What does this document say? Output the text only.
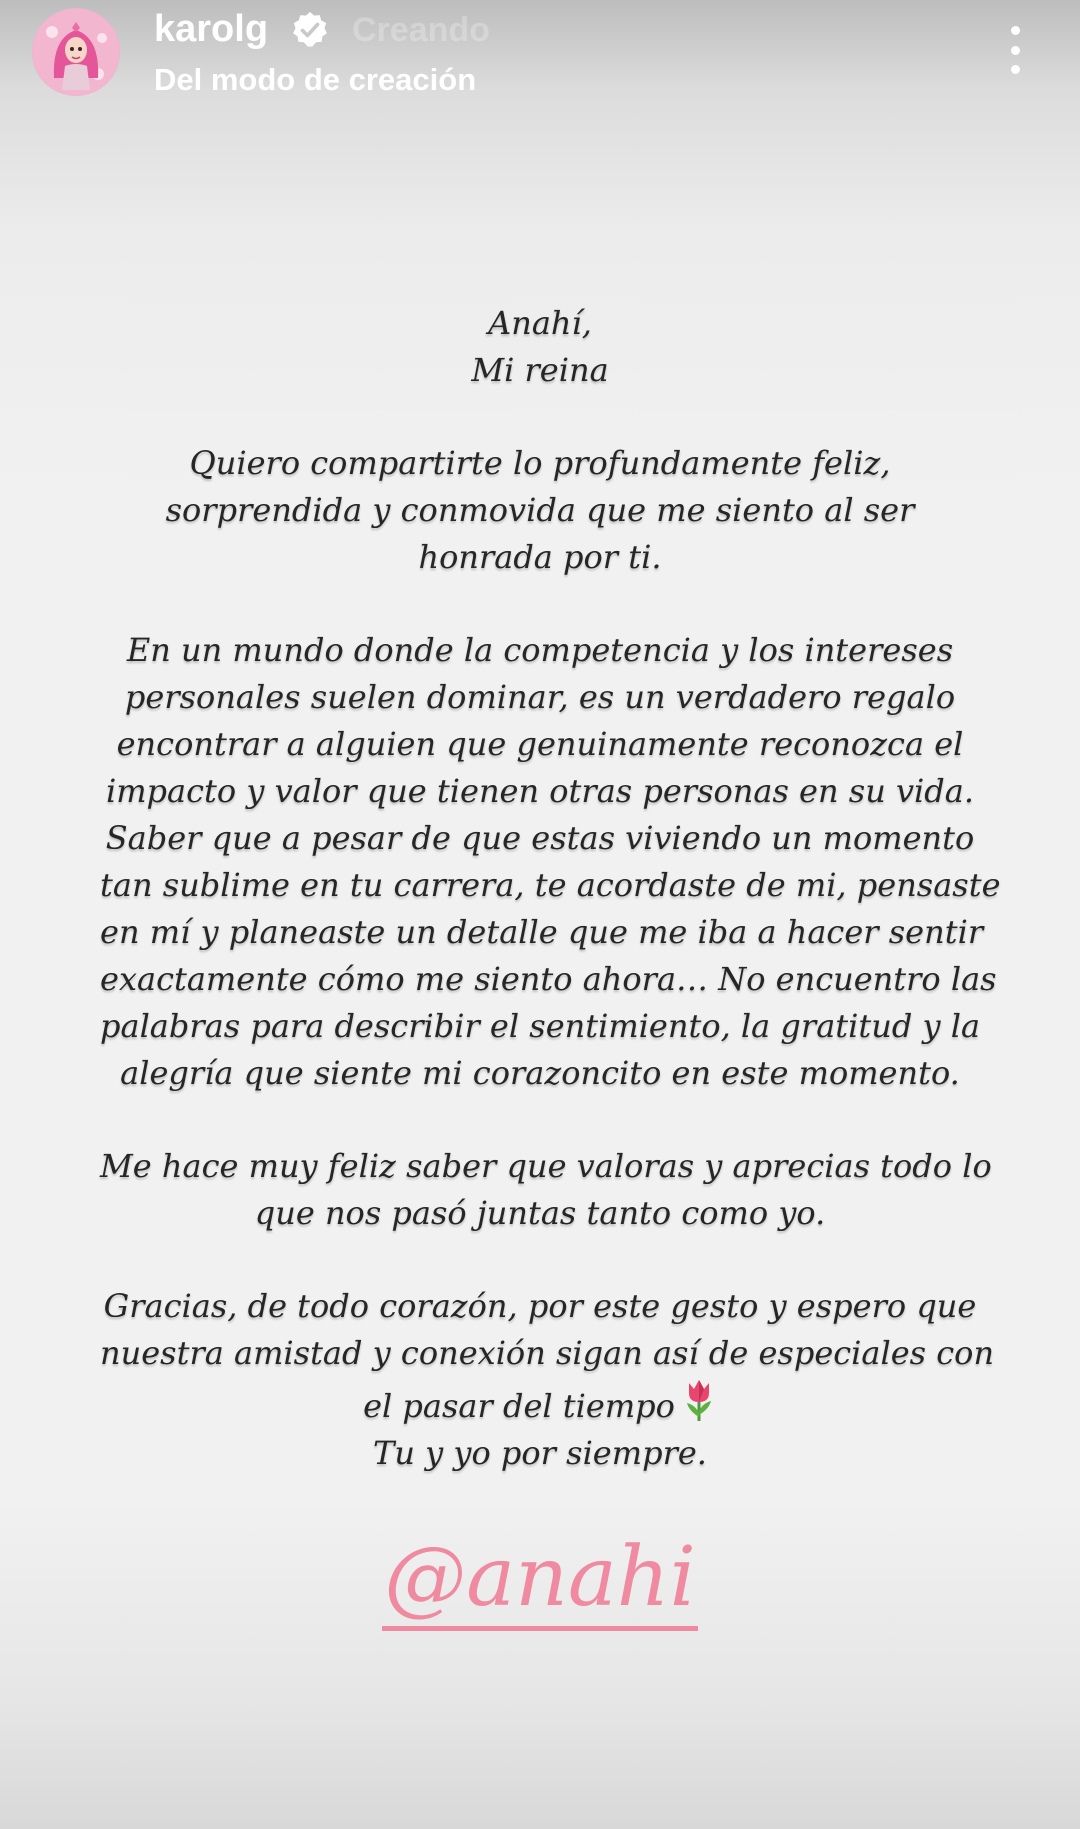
karolg Creando
Del modo de creación

Anahí,
Mi reina

Quiero compartirte lo profundamente feliz,
sorprendida y conmovida que me siento al ser
honrada por ti.

En un mundo donde la competencia y los intereses
personales suelen dominar, es un verdadero regalo
encontrar a alguien que genuinamente reconozca el
impacto y valor que tienen otras personas en su vida.
Saber que a pesar de que estas viviendo un momento
tan sublime en tu carrera, te acordaste de mi, pensaste
en mí y planeaste un detalle que me iba a hacer sentir
exactamente cómo me siento ahora… No encuentro las
palabras para describir el sentimiento, la gratitud y la
alegría que siente mi corazoncito en este momento.

Me hace muy feliz saber que valoras y aprecias todo lo
que nos pasó juntas tanto como yo.

Gracias, de todo corazón, por este gesto y espero que
nuestra amistad y conexión sigan así de especiales con
el pasar del tiempo
Tu y yo por siempre.

@anahi
